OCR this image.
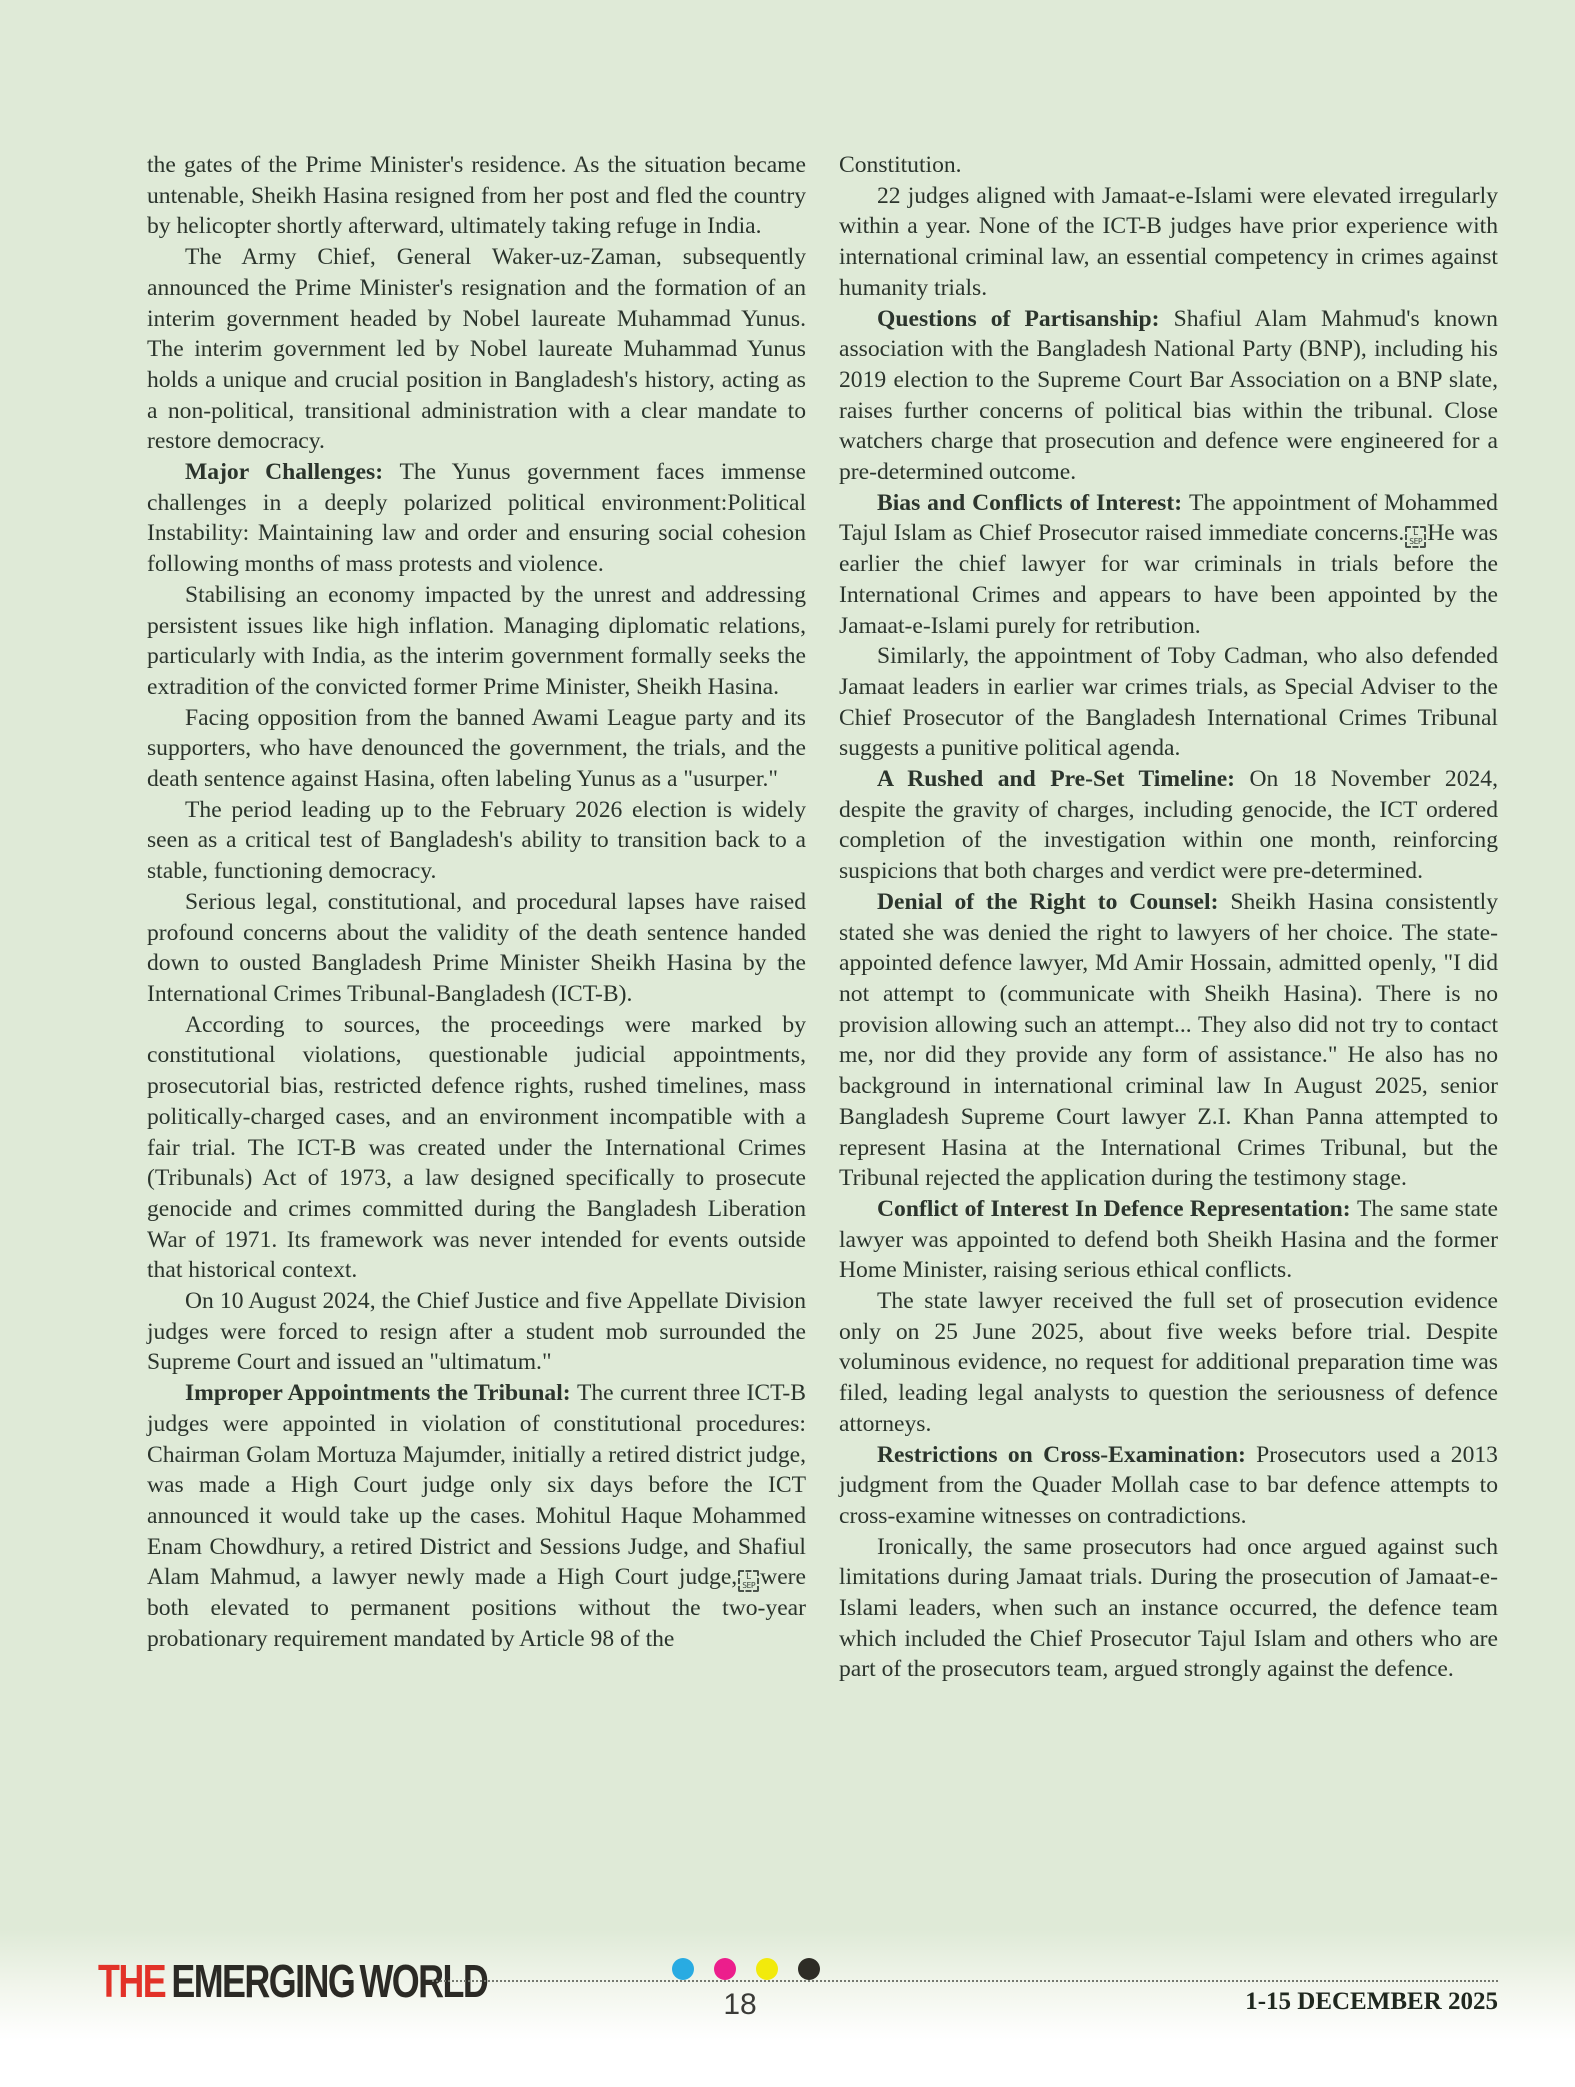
the gates of the Prime Minister's residence. As the situation became untenable, Sheikh Hasina resigned from her post and fled the country by helicopter shortly afterward, ultimately taking refuge in India.

The Army Chief, General Waker-uz-Zaman, subsequently announced the Prime Minister's resignation and the formation of an interim government headed by Nobel laureate Muhammad Yunus. The interim government led by Nobel laureate Muhammad Yunus holds a unique and crucial position in Bangladesh's history, acting as a non-political, transitional administration with a clear mandate to restore democracy.

Major Challenges: The Yunus government faces immense challenges in a deeply polarized political environment:Political Instability: Maintaining law and order and ensuring social cohesion following months of mass protests and violence.

Stabilising an economy impacted by the unrest and addressing persistent issues like high inflation. Managing diplomatic relations, particularly with India, as the interim government formally seeks the extradition of the convicted former Prime Minister, Sheikh Hasina.

Facing opposition from the banned Awami League party and its supporters, who have denounced the government, the trials, and the death sentence against Hasina, often labeling Yunus as a "usurper."

The period leading up to the February 2026 election is widely seen as a critical test of Bangladesh's ability to transition back to a stable, functioning democracy.

Serious legal, constitutional, and procedural lapses have raised profound concerns about the validity of the death sentence handed down to ousted Bangladesh Prime Minister Sheikh Hasina by the International Crimes Tribunal-Bangladesh (ICT-B).

According to sources, the proceedings were marked by constitutional violations, questionable judicial appointments, prosecutorial bias, restricted defence rights, rushed timelines, mass politically-charged cases, and an environment incompatible with a fair trial. The ICT-B was created under the International Crimes (Tribunals) Act of 1973, a law designed specifically to prosecute genocide and crimes committed during the Bangladesh Liberation War of 1971. Its framework was never intended for events outside that historical context.

On 10 August 2024, the Chief Justice and five Appellate Division judges were forced to resign after a student mob surrounded the Supreme Court and issued an "ultimatum."

Improper Appointments the Tribunal: The current three ICT-B judges were appointed in violation of constitutional procedures: Chairman Golam Mortuza Majumder, initially a retired district judge, was made a High Court judge only six days before the ICT announced it would take up the cases. Mohitul Haque Mohammed Enam Chowdhury, a retired District and Sessions Judge, and Shafiul Alam Mahmud, a lawyer newly made a High Court judge, L
SEP were both elevated to permanent positions without the two-year probationary requirement mandated by Article 98 of the

Constitution.

22 judges aligned with Jamaat-e-Islami were elevated irregularly within a year. None of the ICT-B judges have prior experience with international criminal law, an essential competency in crimes against humanity trials.

Questions of Partisanship: Shafiul Alam Mahmud's known association with the Bangladesh National Party (BNP), including his 2019 election to the Supreme Court Bar Association on a BNP slate, raises further concerns of political bias within the tribunal. Close watchers charge that prosecution and defence were engineered for a pre-determined outcome.

Bias and Conflicts of Interest: The appointment of Mohammed Tajul Islam as Chief Prosecutor raised immediate concerns. L
SEP He was earlier the chief lawyer for war criminals in trials before the International Crimes and appears to have been appointed by the Jamaat-e-Islami purely for retribution.

Similarly, the appointment of Toby Cadman, who also defended Jamaat leaders in earlier war crimes trials, as Special Adviser to the Chief Prosecutor of the Bangladesh International Crimes Tribunal suggests a punitive political agenda.

A Rushed and Pre-Set Timeline: On 18 November 2024, despite the gravity of charges, including genocide, the ICT ordered completion of the investigation within one month, reinforcing suspicions that both charges and verdict were pre-determined.

Denial of the Right to Counsel: Sheikh Hasina consistently stated she was denied the right to lawyers of her choice. The state-appointed defence lawyer, Md Amir Hossain, admitted openly, "I did not attempt to (communicate with Sheikh Hasina). There is no provision allowing such an attempt... They also did not try to contact me, nor did they provide any form of assistance." He also has no background in international criminal law In August 2025, senior Bangladesh Supreme Court lawyer Z.I. Khan Panna attempted to represent Hasina at the International Crimes Tribunal, but the Tribunal rejected the application during the testimony stage.

Conflict of Interest In Defence Representation: The same state lawyer was appointed to defend both Sheikh Hasina and the former Home Minister, raising serious ethical conflicts.

The state lawyer received the full set of prosecution evidence only on 25 June 2025, about five weeks before trial. Despite voluminous evidence, no request for additional preparation time was filed, leading legal analysts to question the seriousness of defence attorneys.

Restrictions on Cross-Examination: Prosecutors used a 2013 judgment from the Quader Mollah case to bar defence attempts to cross-examine witnesses on contradictions.

Ironically, the same prosecutors had once argued against such limitations during Jamaat trials. During the prosecution of Jamaat-e-Islami leaders, when such an instance occurred, the defence team which included the Chief Prosecutor Tajul Islam and others who are part of the prosecutors team, argued strongly against the defence.

THE EMERGING WORLD	18	1-15 DECEMBER 2025
